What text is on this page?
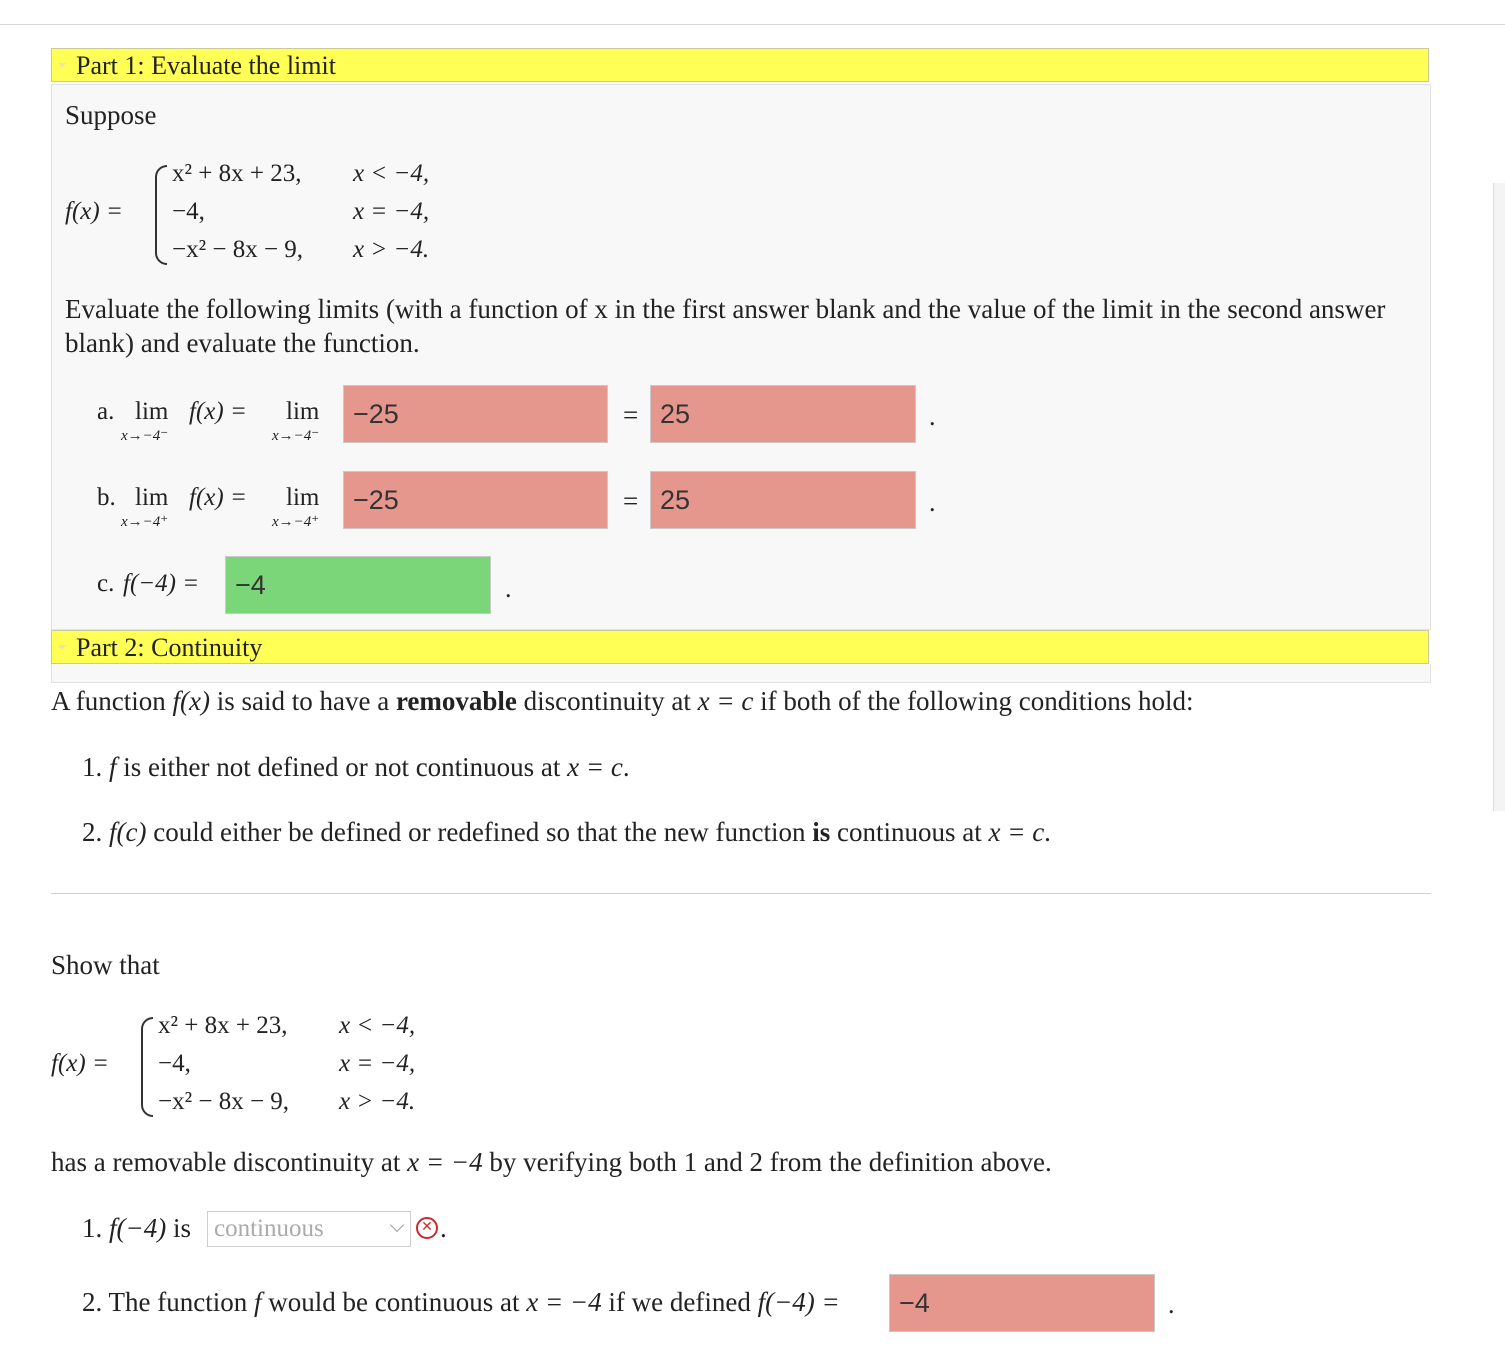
Part 1: Evaluate the limit
Suppose
f(x) =
x² + 8x + 23, x < −4,
−4,	x = −4,
−x² − 8x − 9, x > −4.
Evaluate the following limits (with a function of x in the first answer blank and the value of the limit in the second answer blank) and evaluate the function.
a. lim
x→−4⁻
f(x) = lim
x→−4⁻
−25	= 25	.
b. lim
x→−4⁺
f(x) = lim
x→−4⁺
−25	= 25	.
c. f(−4) =	−4	.
Part 2: Continuity
A function f(x) is said to have a removable discontinuity at x = c if both of the following conditions hold:
1. f is either not defined or not continuous at x = c.
2. f(c) could either be defined or redefined so that the new function is continuous at x = c.
Show that
f(x) =
x² + 8x + 23, x < −4,
−4,	x = −4,
−x² − 8x − 9, x > −4.
has a removable discontinuity at x = −4 by verifying both 1 and 2 from the definition above.
1. f(−4) is continuous	✕ .
2. The function f would be continuous at x = −4 if we defined f(−4) =	−4	.
